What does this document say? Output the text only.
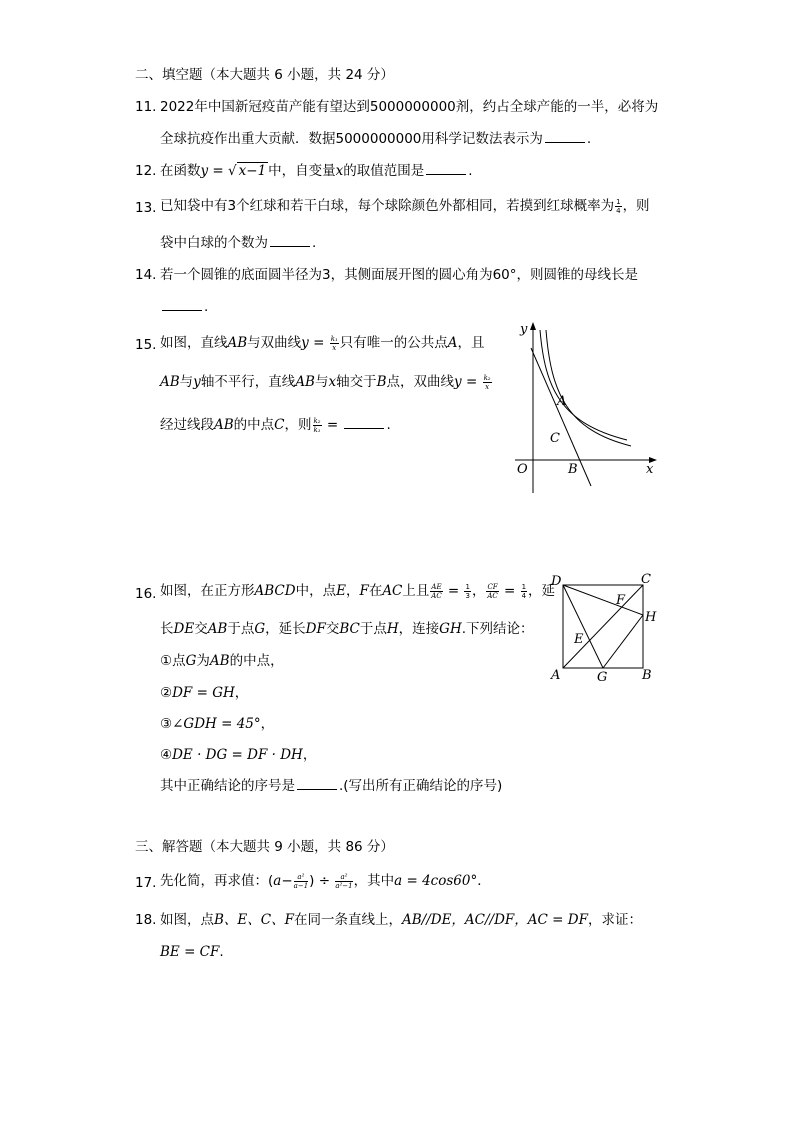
二、填空题（本大题共 6 小题，共 24 分）
11. 2022年中国新冠疫苗产能有望达到5000000000剂，约占全球产能的一半，必将为
全球抗疫作出重大贡献．数据5000000000用科学记数法表示为	.
12. 在函数y = √ x−1 中，自变量x的取值范围是	.
13. 已知袋中有3个红球和若干白球，每个球除颜色外都相同，若摸到红球概率为 $\frac{1}{4}$ ，则
袋中白球的个数为	.
14. 若一个圆锥的底面圆半径为3，其侧面展开图的圆心角为60°，则圆锥的母线长是
.
15. 如图，直线AB与双曲线$y = \frac{\text{k₁}}{x}$ 只有唯一的公共点A，且
AB与y轴不平行，直线AB与x轴交于B点，双曲线$y = \frac{\text{k₂}}{x}$
经过线段AB的中点C，则 $\frac{\text{k₂}}{\text{k₁}}$ =	.
y
x
O
A
B
C
16. 如图，在正方形ABCD中，点E，F在AC上且 $\frac{AE}{AC} = \frac{1}{3}$ ， $\frac{CF}{AC} = \frac{1}{4}$ ，延
长DE交AB于点G，延长DF交BC于点H，连接GH.下列结论：
①点G为AB的中点，
②DF = GH，
③∠GDH = 45°，
④DE · DG = DF · DH，
其中正确结论的序号是	.(写出所有正确结论的序号)
D	C
H
F
E
A	G	B
三、解答题（本大题共 9 小题，共 86 分）
17. 先化简，再求值：($a- \frac{\text{a²}}{a-1}$ ) ÷ $\frac{\text{a²}}{\text{a²−1}}$ ，其中a = 4cos60°．
18. 如图，点B、E、C、F在同一条直线上，AB//DE，AC//DF，AC = DF，求证：
BE = CF.
